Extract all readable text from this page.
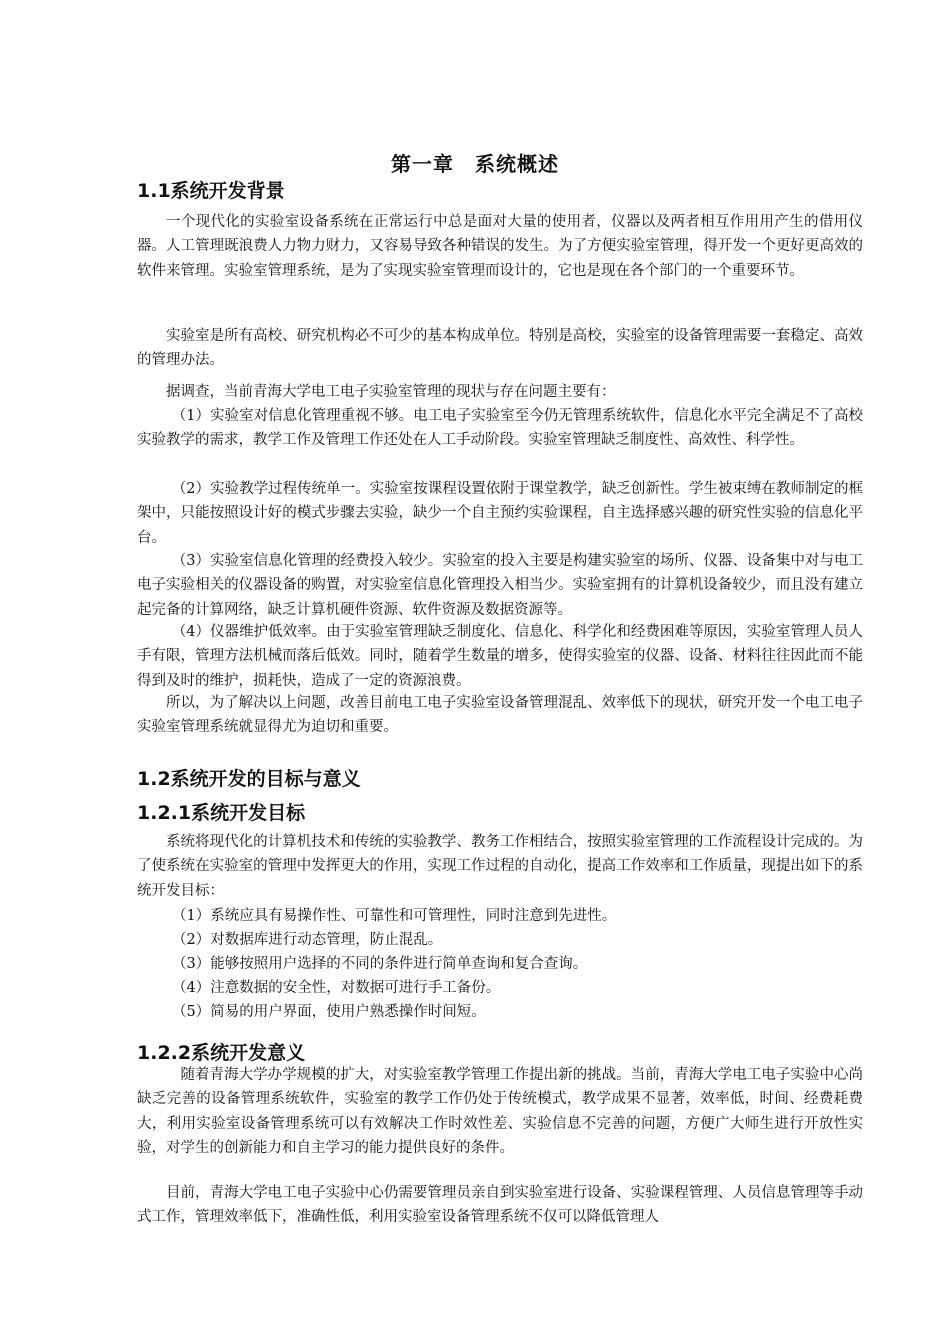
第一章　系统概述
1.1系统开发背景
一个现代化的实验室设备系统在正常运行中总是面对大量的使用者，仪器以及两者相互作用用产生的借用仪器。人工管理既浪费人力物力财力，又容易导致各种错误的发生。为了方便实验室管理，得开发一个更好更高效的软件来管理。实验室管理系统，是为了实现实验室管理而设计的，它也是现在各个部门的一个重要环节。
实验室是所有高校、研究机构必不可少的基本构成单位。特别是高校，实验室的设备管理需要一套稳定、高效的管理办法。
据调查，当前青海大学电工电子实验室管理的现状与存在问题主要有：
（1）实验室对信息化管理重视不够。电工电子实验室至今仍无管理系统软件，信息化水平完全满足不了高校实验教学的需求，教学工作及管理工作还处在人工手动阶段。实验室管理缺乏制度性、高效性、科学性。
（2）实验教学过程传统单一。实验室按课程设置依附于课堂教学，缺乏创新性。学生被束缚在教师制定的框架中，只能按照设计好的模式步骤去实验，缺少一个自主预约实验课程，自主选择感兴趣的研究性实验的信息化平台。
（3）实验室信息化管理的经费投入较少。实验室的投入主要是构建实验室的场所、仪器、设备集中对与电工电子实验相关的仪器设备的购置，对实验室信息化管理投入相当少。实验室拥有的计算机设备较少，而且没有建立起完备的计算网络，缺乏计算机硬件资源、软件资源及数据资源等。
（4）仪器维护低效率。由于实验室管理缺乏制度化、信息化、科学化和经费困难等原因，实验室管理人员人手有限，管理方法机械而落后低效。同时，随着学生数量的增多，使得实验室的仪器、设备、材料往往因此而不能得到及时的维护，损耗快，造成了一定的资源浪费。
所以，为了解决以上问题，改善目前电工电子实验室设备管理混乱、效率低下的现状，研究开发一个电工电子实验室管理系统就显得尤为迫切和重要。
1.2系统开发的目标与意义
1.2.1系统开发目标
系统将现代化的计算机技术和传统的实验教学、教务工作相结合，按照实验室管理的工作流程设计完成的。为了使系统在实验室的管理中发挥更大的作用，实现工作过程的自动化，提高工作效率和工作质量，现提出如下的系统开发目标：
（1）系统应具有易操作性、可靠性和可管理性，同时注意到先进性。
（2）对数据库进行动态管理，防止混乱。
（3）能够按照用户选择的不同的条件进行简单查询和复合查询。
（4）注意数据的安全性，对数据可进行手工备份。
（5）简易的用户界面，使用户熟悉操作时间短。
1.2.2系统开发意义
随着青海大学办学规模的扩大，对实验室教学管理工作提出新的挑战。当前，青海大学电工电子实验中心尚缺乏完善的设备管理系统软件，实验室的教学工作仍处于传统模式，教学成果不显著，效率低，时间、经费耗费大，利用实验室设备管理系统可以有效解决工作时效性差、实验信息不完善的问题，方便广大师生进行开放性实验，对学生的创新能力和自主学习的能力提供良好的条件。
目前，青海大学电工电子实验中心仍需要管理员亲自到实验室进行设备、实验课程管理、人员信息管理等手动式工作，管理效率低下，准确性低，利用实验室设备管理系统不仅可以降低管理人
